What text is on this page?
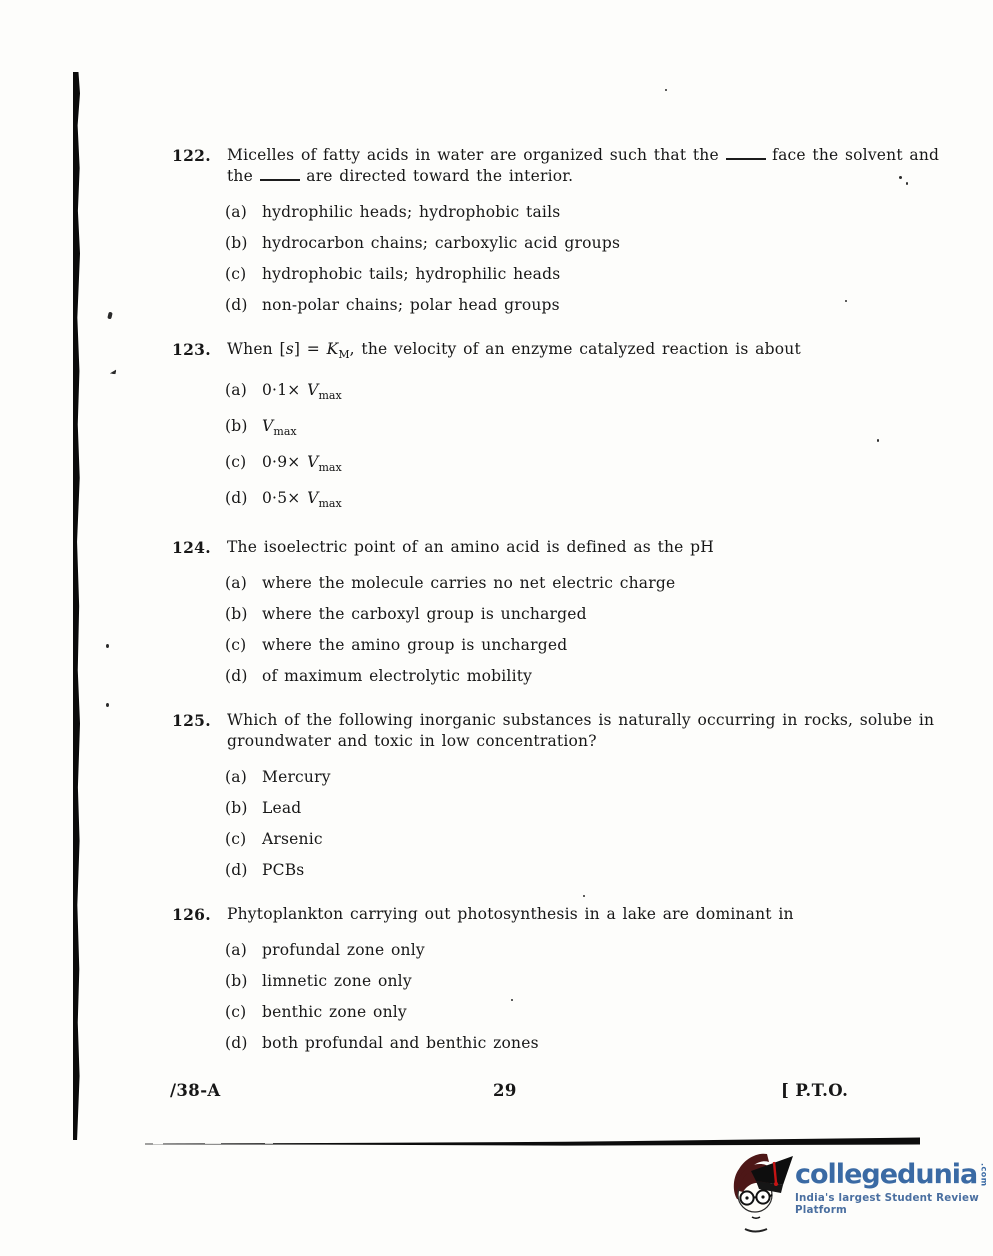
122.	Micelles of fatty acids in water are organized such that the	face the solvent and
the	are directed toward the interior.
(a) hydrophilic heads; hydrophobic tails
(b) hydrocarbon chains; carboxylic acid groups
(c)	hydrophobic tails; hydrophilic heads
(d) non-polar chains; polar head groups
123.	When $[s] = K_M$, the velocity of an enzyme catalyzed reaction is about
(a) $0\cdot 1\times V_{max}$
(b) $V_{max}$
(c)	$0\cdot 9\times V_{max}$
(d) $0\cdot 5\times V_{max}$
124.	The isoelectric point of an amino acid is defined as the pH
(a) where the molecule carries no net electric charge
(b) where the carboxyl group is uncharged
(c)	where the amino group is uncharged
(d) of maximum electrolytic mobility
125.	Which of the following inorganic substances is naturally occurring in rocks, solube in
groundwater and toxic in low concentration?
(a) Mercury
(b) Lead
(c)	Arsenic
(d) PCBs
126.	Phytoplankton carrying out photosynthesis in a lake are dominant in
(a) profundal zone only
(b) limnetic zone only
(c)	benthic zone only
(d) both profundal and benthic zones
/38-A	29	[ P.T.O.
collegedunia .com
India's largest Student Review Platform
